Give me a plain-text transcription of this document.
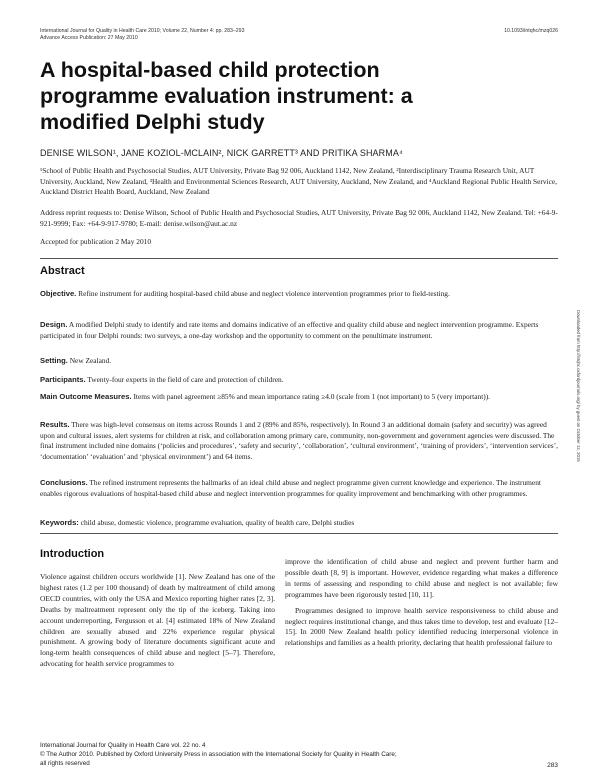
International Journal for Quality in Health Care 2010; Volume 22, Number 4: pp. 283–293
Advance Access Publication: 27 May 2010
10.1093/intqhc/mzq026
A hospital-based child protection programme evaluation instrument: a modified Delphi study
DENISE WILSON¹, JANE KOZIOL-MCLAIN², NICK GARRETT³ AND PRITIKA SHARMA⁴
¹School of Public Health and Psychosocial Studies, AUT University, Private Bag 92 006, Auckland 1142, New Zealand, ²Interdisciplinary Trauma Research Unit, AUT University, Auckland, New Zealand, ³Health and Environmental Sciences Research, AUT University, Auckland, New Zealand, and ⁴Auckland Regional Public Health Service, Auckland District Health Board, Auckland, New Zealand
Address reprint requests to: Denise Wilson, School of Public Health and Psychosocial Studies, AUT University, Private Bag 92 006, Auckland 1142, New Zealand. Tel: +64-9-921-9999; Fax: +64-9-917-9780; E-mail: denise.wilson@aut.ac.nz
Accepted for publication 2 May 2010
Abstract
Objective. Refine instrument for auditing hospital-based child abuse and neglect violence intervention programmes prior to field-testing.
Design. A modified Delphi study to identify and rate items and domains indicative of an effective and quality child abuse and neglect intervention programme. Experts participated in four Delphi rounds: two surveys, a one-day workshop and the opportunity to comment on the penultimate instrument.
Setting. New Zealand.
Participants. Twenty-four experts in the field of care and protection of children.
Main Outcome Measures. Items with panel agreement ≥85% and mean importance rating ≥4.0 (scale from 1 (not important) to 5 (very important)).
Results. There was high-level consensus on items across Rounds 1 and 2 (89% and 85%, respectively). In Round 3 an additional domain (safety and security) was agreed upon and cultural issues, alert systems for children at risk, and collaboration among primary care, community, non-government and government agencies were discussed. The final instrument included nine domains (‘policies and procedures’, ‘safety and security’, ‘collaboration’, ‘cultural environment’, ‘training of providers’, ‘intervention services’, ‘documentation’ ‘evaluation’ and ‘physical environment’) and 64 items.
Conclusions. The refined instrument represents the hallmarks of an ideal child abuse and neglect programme given current knowledge and experience. The instrument enables rigorous evaluations of hospital-based child abuse and neglect intervention programmes for quality improvement and benchmarking with other programmes.
Keywords: child abuse, domestic violence, programme evaluation, quality of health care, Delphi studies
Introduction

Violence against children occurs worldwide [1]. New Zealand has one of the highest rates (1.2 per 100 thousand) of death by maltreatment of child among OECD countries, with only the USA and Mexico reporting higher rates [2, 3]. Deaths by maltreatment represent only the tip of the iceberg. Taking into account underreporting, Fergusson et al. [4] estimated 18% of New Zealand children are sexually abused and 22% experience regular physical punishment. A growing body of literature documents significant acute and long-term health consequences of child abuse and neglect [5–7]. Therefore, advocating for health service programmes to

improve the identification of child abuse and neglect and prevent further harm and possible death [8, 9] is important. However, evidence regarding what makes a difference in terms of assessing and responding to child abuse and neglect is not available; few programmes have been rigorously tested [10, 11].

Programmes designed to improve health service responsiveness to child abuse and neglect requires institutional change, and thus takes time to develop, test and evaluate [12–15]. In 2000 New Zealand health policy identified reducing interpersonal violence in relationships and families as a health priority, declaring that health professional failure to

Downloaded from http://intqhc.oxfordjournals.org/ by guest on October 12, 2015
International Journal for Quality in Health Care vol. 22 no. 4
© The Author 2010. Published by Oxford University Press in association with the International Society for Quality in Health Care;
all rights reserved	283
